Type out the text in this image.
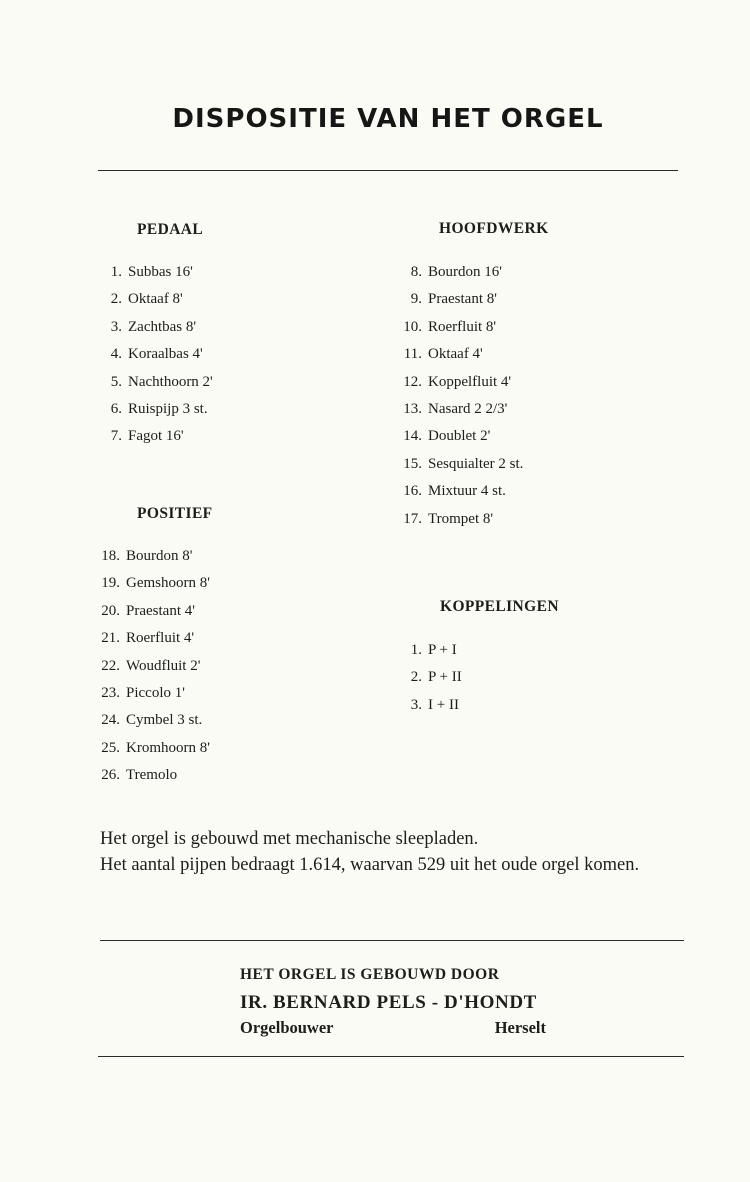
DISPOSITIE VAN HET ORGEL
PEDAAL
1. Subbas 16'
2. Oktaaf 8'
3. Zachtbas 8'
4. Koraalbas 4'
5. Nachthoorn 2'
6. Ruispijp 3 st.
7. Fagot 16'
POSITIEF
18. Bourdon 8'
19. Gemshoorn 8'
20. Praestant 4'
21. Roerfluit 4'
22. Woudfluit 2'
23. Piccolo 1'
24. Cymbel 3 st.
25. Kromhoorn 8'
26. Tremolo
HOOFDWERK
8. Bourdon 16'
9. Praestant 8'
10. Roerfluit 8'
11. Oktaaf 4'
12. Koppelfluit 4'
13. Nasard 2 2/3'
14. Doublet 2'
15. Sesquialter 2 st.
16. Mixtuur 4 st.
17. Trompet 8'
KOPPELINGEN
1. P + I
2. P + II
3. I + II
Het orgel is gebouwd met mechanische sleepladen.
Het aantal pijpen bedraagt 1.614, waarvan 529 uit het oude orgel komen.
HET ORGEL IS GEBOUWD DOOR
IR. BERNARD PELS - D'HONDT
Orgelbouwer	Herselt
